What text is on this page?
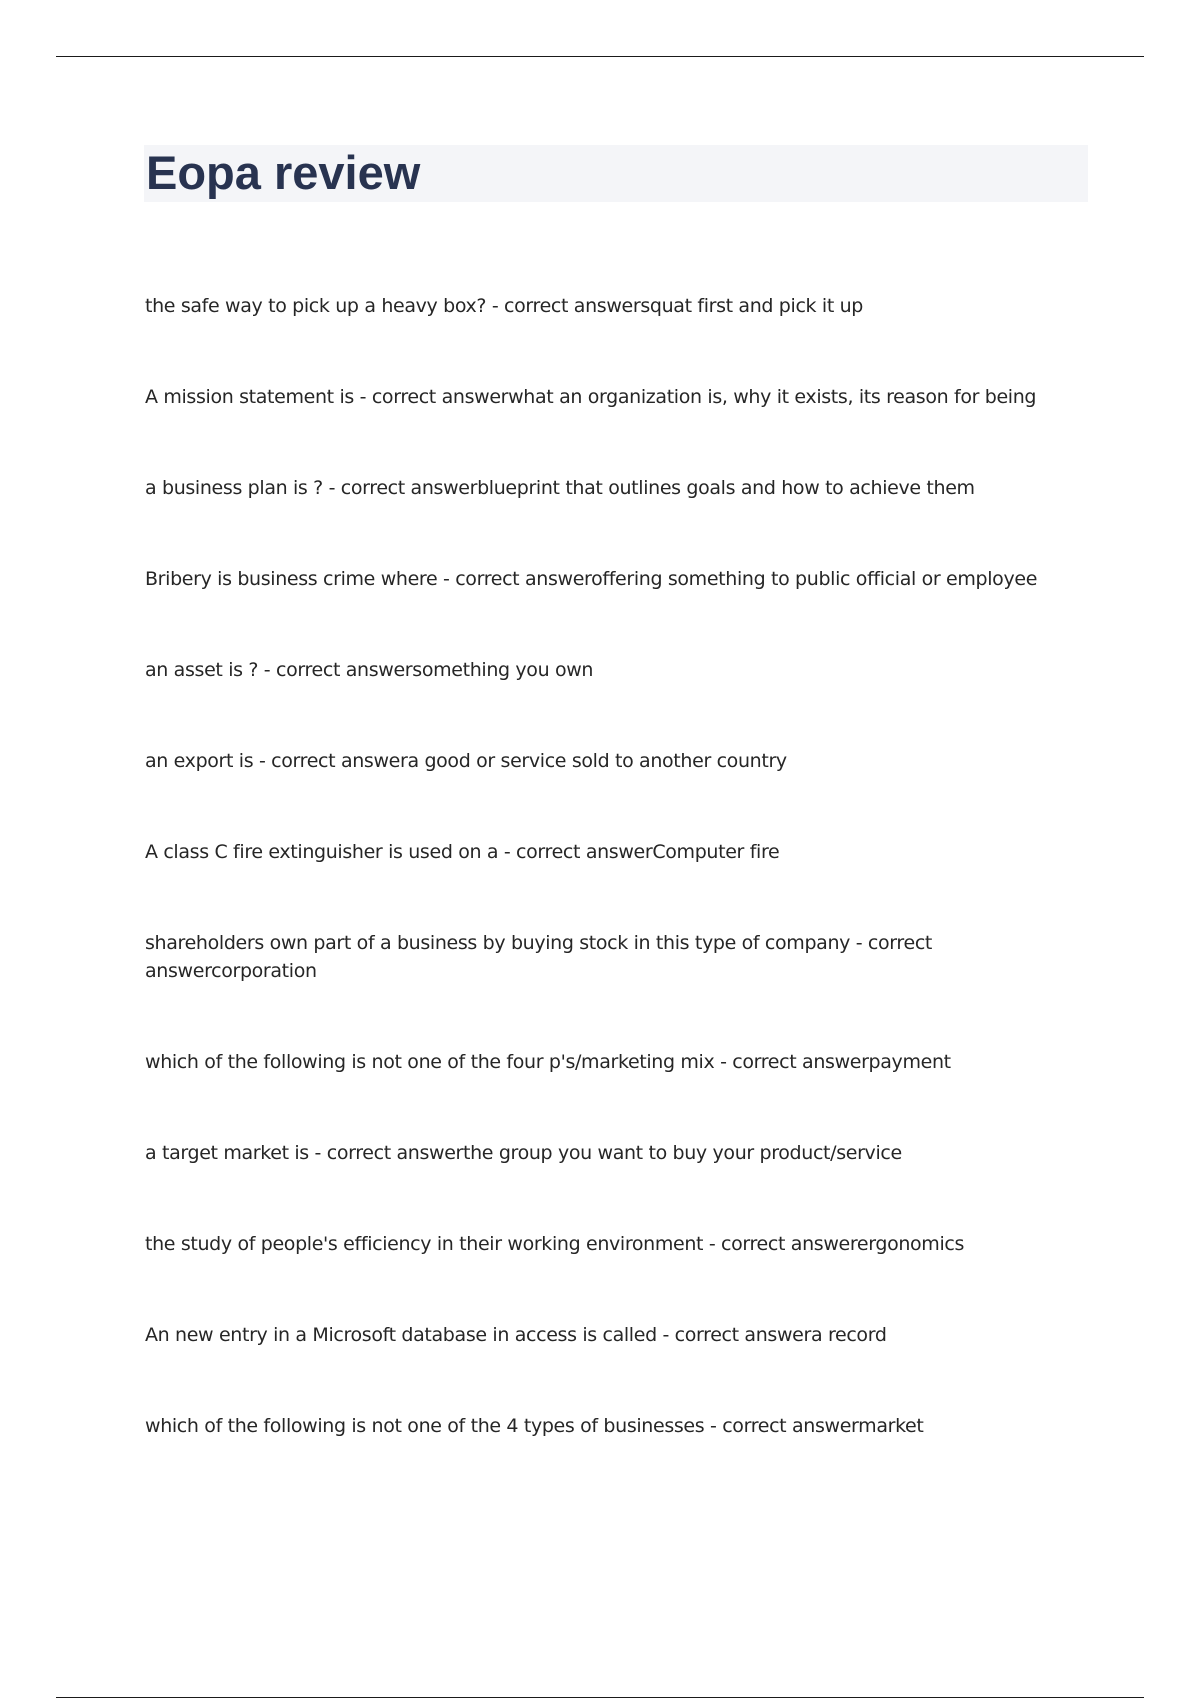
Eopa review
the safe way to pick up a heavy box? - correct answersquat first and pick it up
A mission statement is - correct answerwhat an organization is, why it exists, its reason for being
a business plan is ? - correct answerblueprint that outlines goals and how to achieve them
Bribery is business crime where - correct answeroffering something to public official or employee
an asset is ? - correct answersomething you own
an export is - correct answera good or service sold to another country
A class C fire extinguisher is used on a - correct answerComputer fire
shareholders own part of a business by buying stock in this type of company - correct answercorporation
which of the following is not one of the four p's/marketing mix - correct answerpayment
a target market is - correct answerthe group you want to buy your product/service
the study of people's efficiency in their working environment - correct answerergonomics
An new entry in a Microsoft database in access is called - correct answera record
which of the following is not one of the 4 types of businesses - correct answermarket
